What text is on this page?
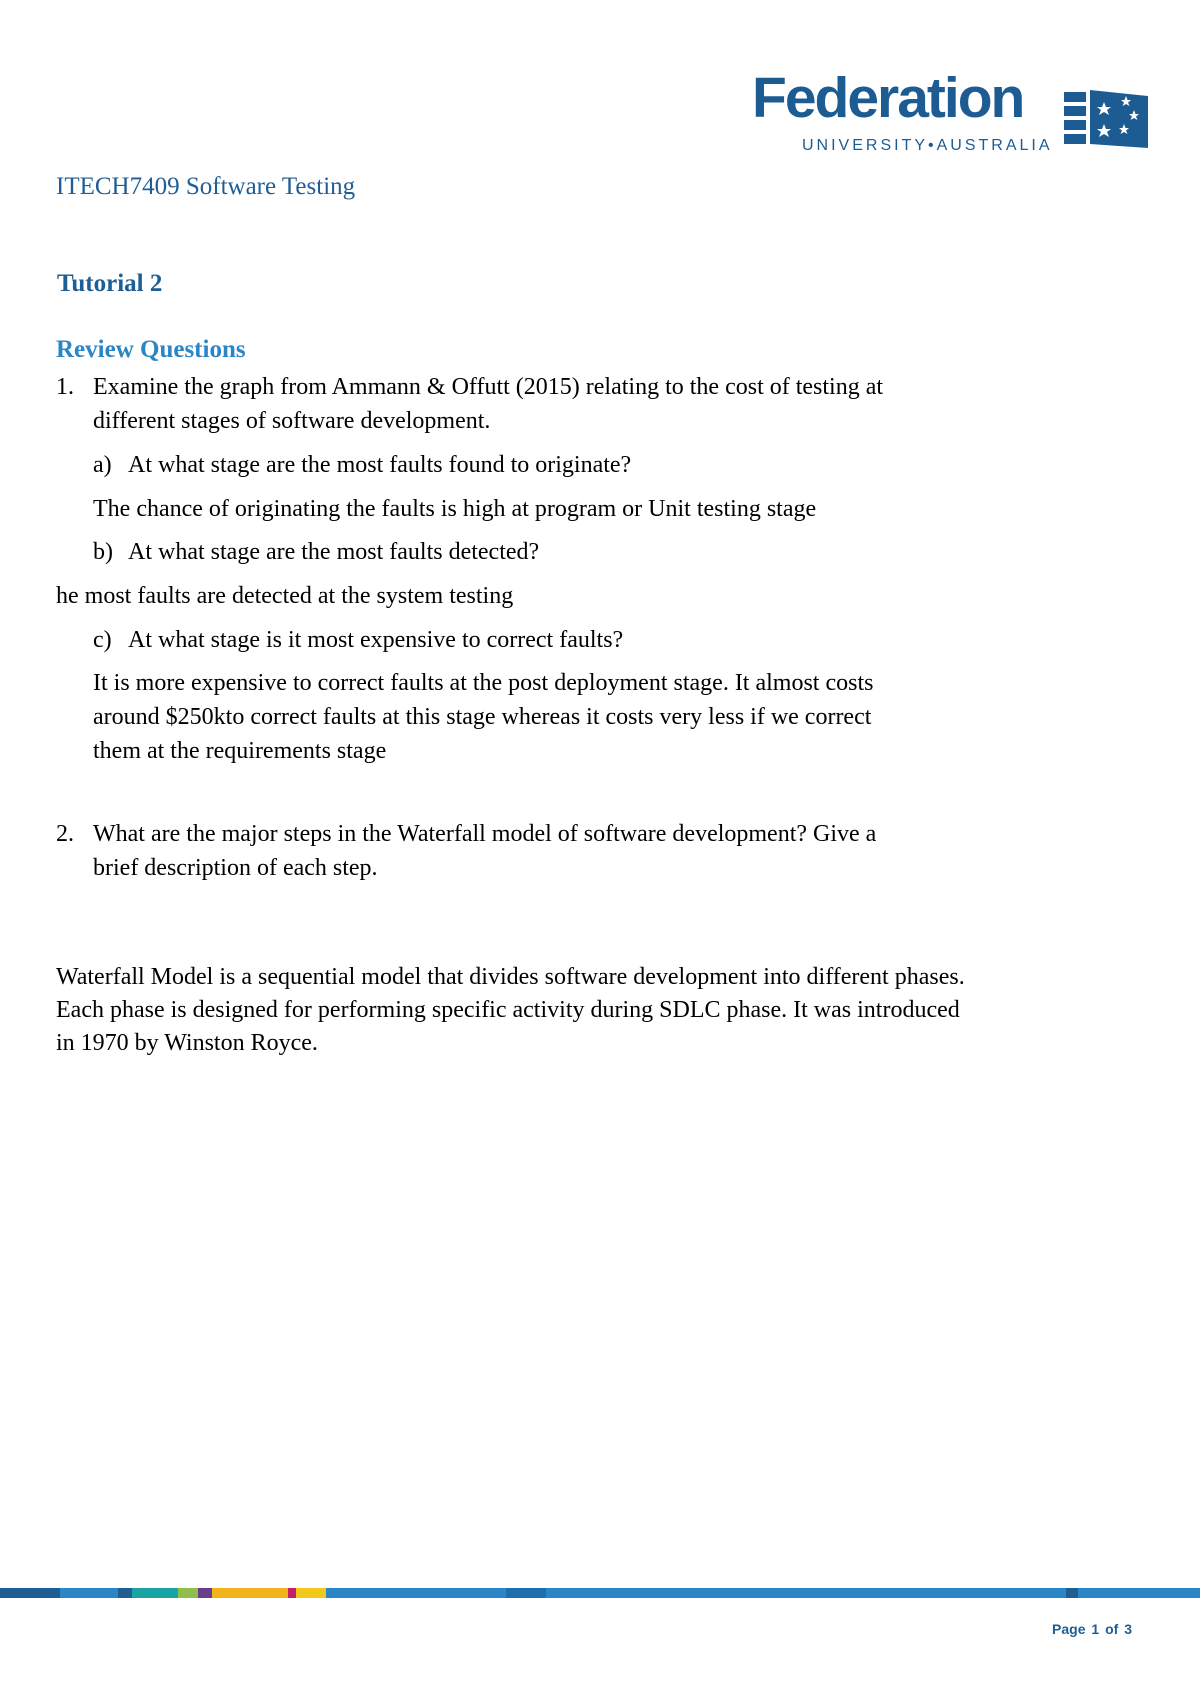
Federation
UNIVERSITY•AUSTRALIA
ITECH7409 Software Testing
Tutorial 2
Review Questions
1. Examine the graph from Ammann & Offutt (2015) relating to the cost of testing at
different stages of software development.
a) At what stage are the most faults found to originate?
The chance of originating the faults is high at program or Unit testing stage
b) At what stage are the most faults detected?
he most faults are detected at the system testing
c) At what stage is it most expensive to correct faults?
It is more expensive to correct faults at the post deployment stage. It almost costs
around $250kto correct faults at this stage whereas it costs very less if we correct
them at the requirements stage
2. What are the major steps in the Waterfall model of software development? Give a
brief description of each step.
Waterfall Model is a sequential model that divides software development into different phases.
Each phase is designed for performing specific activity during SDLC phase. It was introduced
in 1970 by Winston Royce.
Page 1 of 3
